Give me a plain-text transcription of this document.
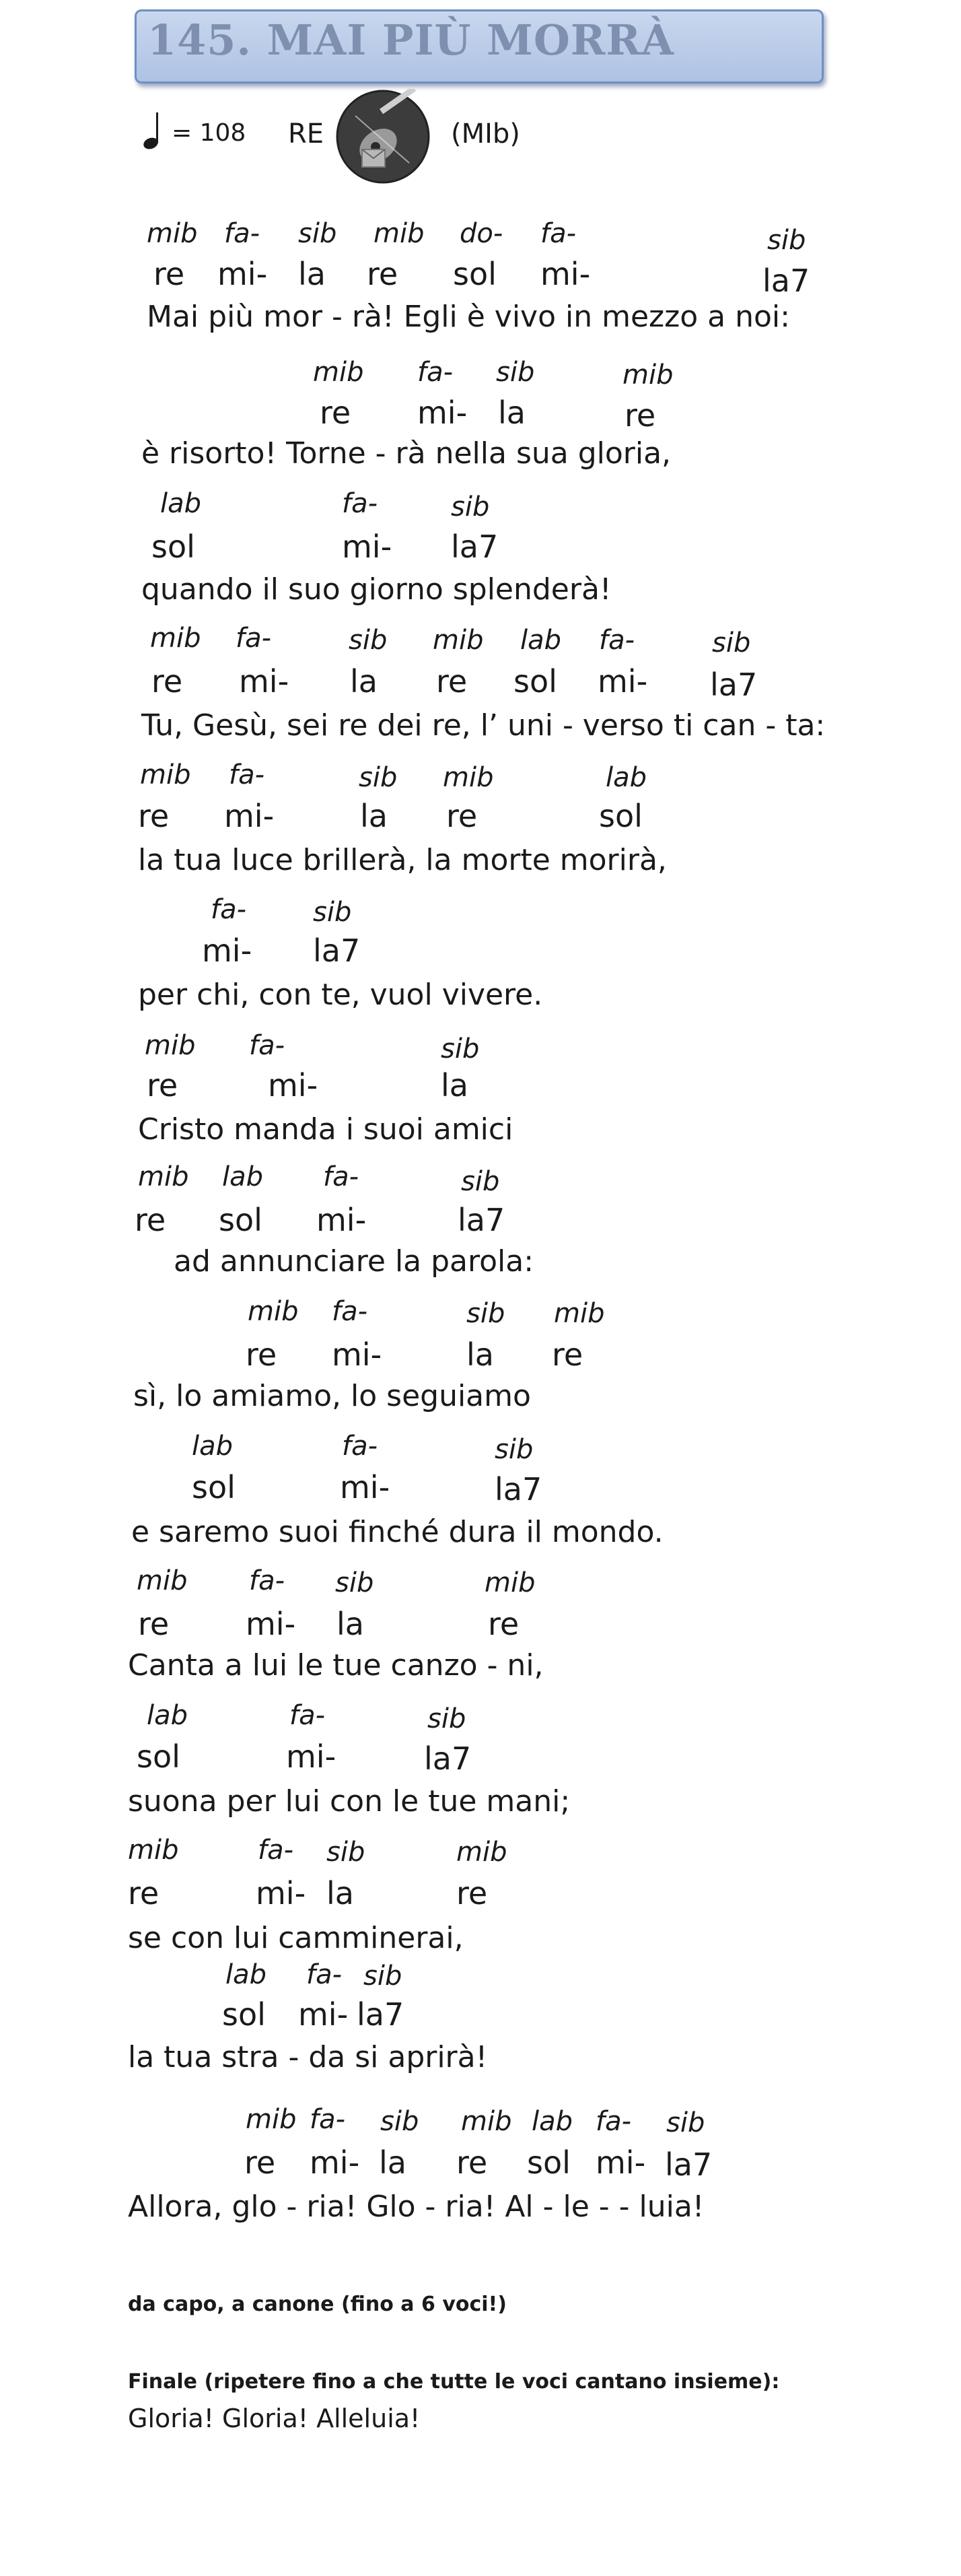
145. MAI PIÙ MORRÀ
= 108 RE	(MIb)
mib fa- sib mib do- fa-	sib
re mi- la re sol mi-	la7
Mai più mor - rà! Egli è vivo in mezzo a noi:
mib fa- sib	mib
re mi- la	re
è risorto! Torne - rà nella sua gloria,
lab	fa-	sib
sol	mi- la7
quando il suo giorno splenderà!
mib fa-	sib mib lab fa-	sib
re mi- la re sol mi- la7
Tu, Gesù, sei re dei re, l’ uni - verso ti can - ta:
mib fa-	sib mib	lab
re mi-	la re	sol
la tua luce brillerà, la morte morirà,
fa- sib
mi- la7
per chi, con te, vuol vivere.
mib fa-	sib
re	mi-	la
Cristo manda i suoi amici
mib lab fa-	sib
re sol mi-	la7
ad annunciare la parola:
mib fa-	sib mib
re mi-	la re
sì, lo amiamo, lo seguiamo
lab	fa-	sib
sol	mi-	la7
e saremo suoi finché dura il mondo.
mib fa- sib	mib
re mi- la	re
Canta a lui le tue canzo - ni,
lab	fa-	sib
sol	mi-	la7
suona per lui con le tue mani;
mib	fa- sib	mib
re	mi- la	re
se con lui camminerai,
lab fa- sib
sol mi- la7
la tua stra - da si aprirà!
mib fa- sib mib lab fa- sib
re mi- la re sol mi- la7
Allora, glo - ria! Glo - ria! Al - le - - luia!
da capo, a canone (fino a 6 voci!)
Finale (ripetere fino a che tutte le voci cantano insieme):
Gloria! Gloria! Alleluia!
